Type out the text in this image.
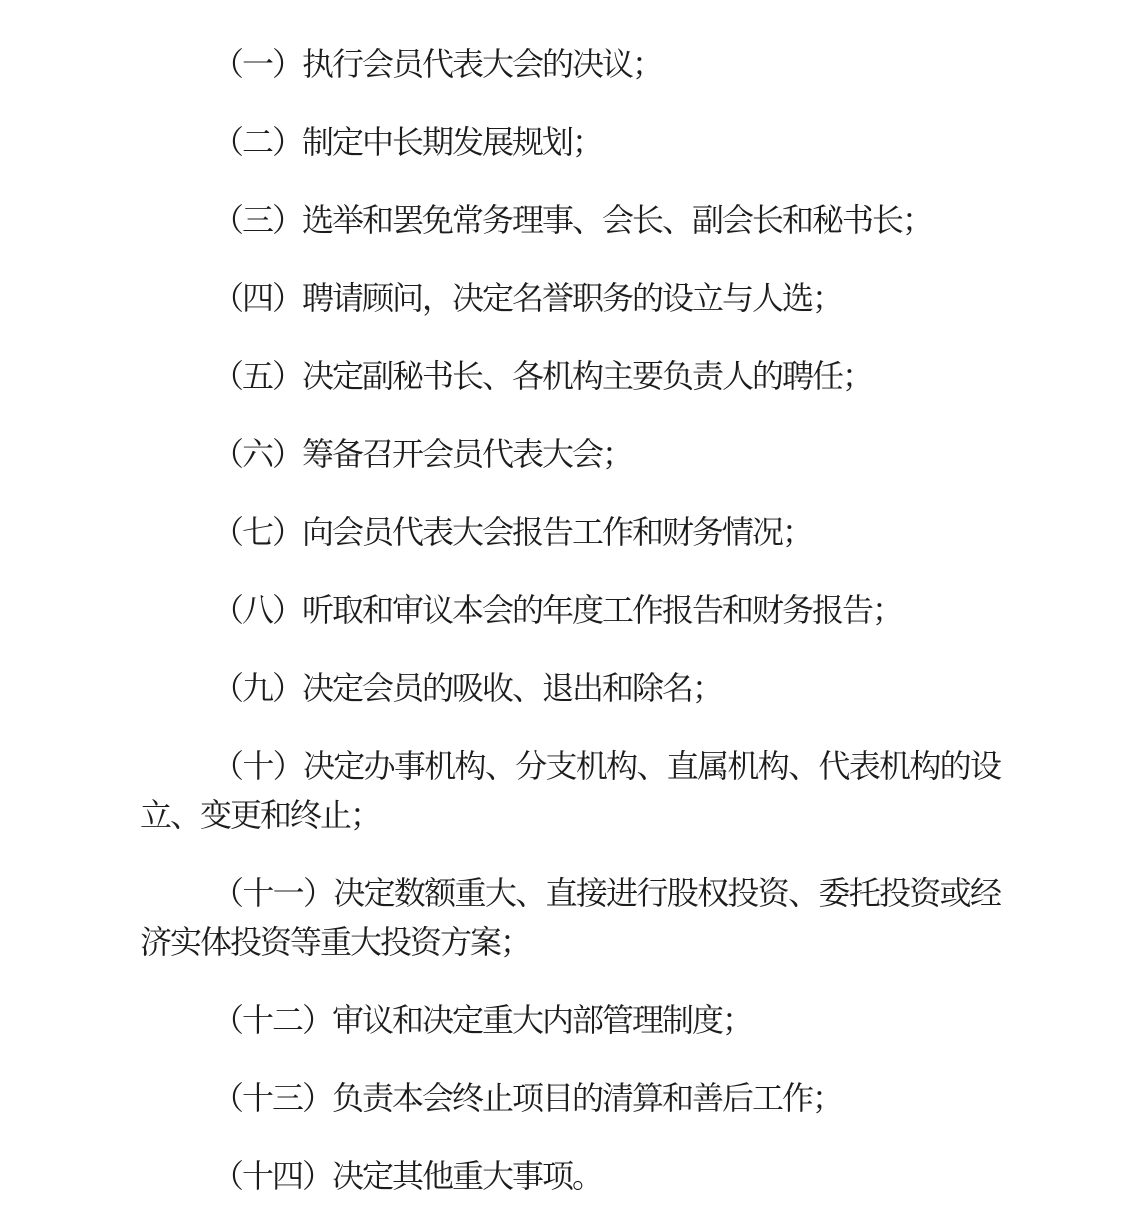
（一）执行会员代表大会的决议；
（二）制定中长期发展规划；
（三）选举和罢免常务理事、会长、副会长和秘书长；
（四）聘请顾问，决定名誉职务的设立与人选；
（五）决定副秘书长、各机构主要负责人的聘任；
（六）筹备召开会员代表大会；
（七）向会员代表大会报告工作和财务情况；
（八）听取和审议本会的年度工作报告和财务报告；
（九）决定会员的吸收、退出和除名；
（十）决定办事机构、分支机构、直属机构、代表机构的设
立、变更和终止；
（十一）决定数额重大、直接进行股权投资、委托投资或经
济实体投资等重大投资方案；
（十二）审议和决定重大内部管理制度；
（十三）负责本会终止项目的清算和善后工作；
（十四）决定其他重大事项。
